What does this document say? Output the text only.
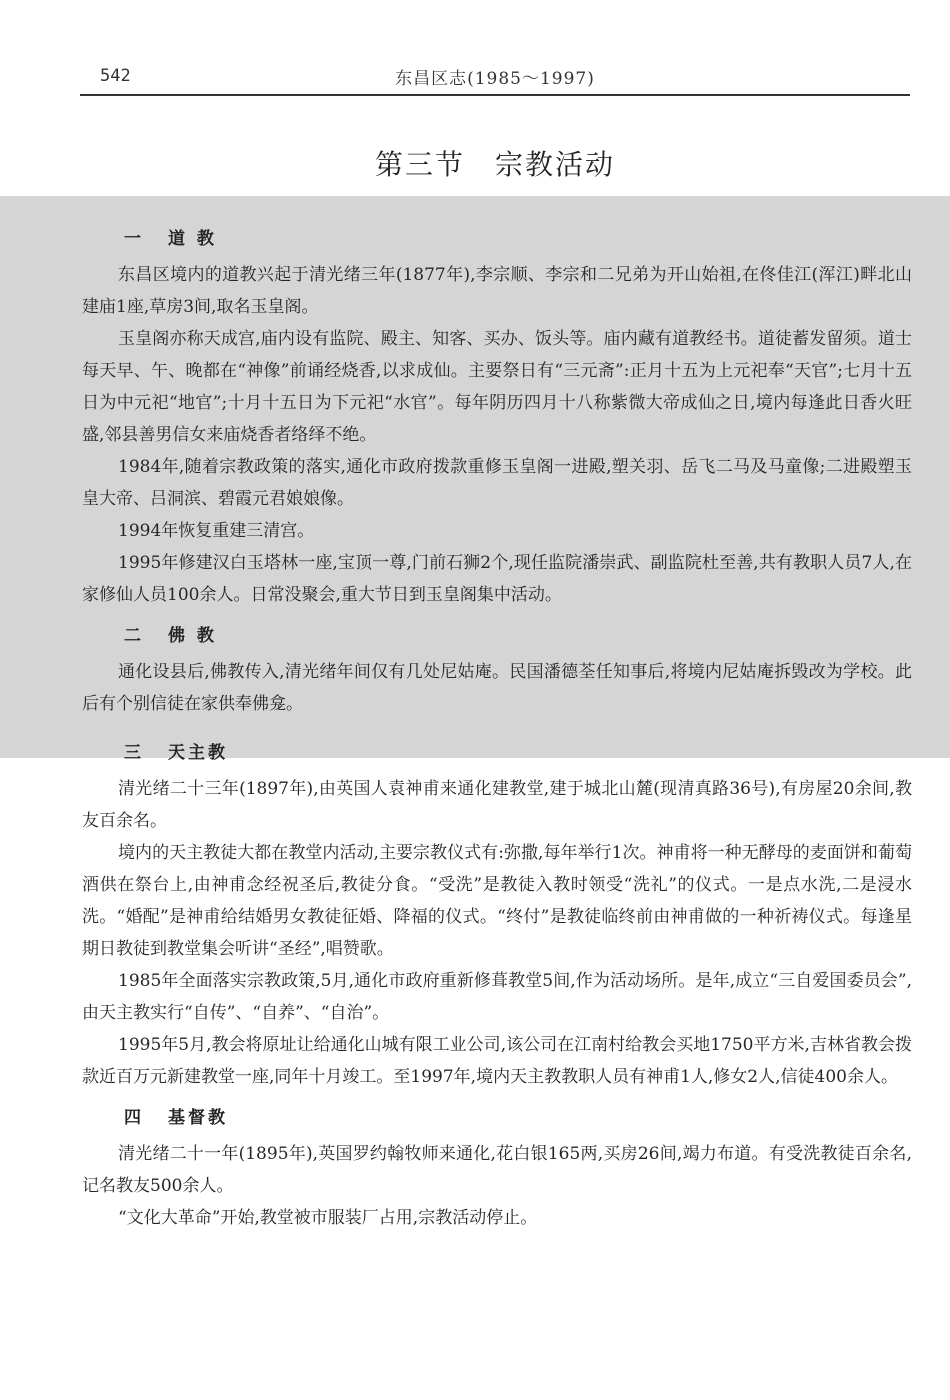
542	东昌区志(1985～1997)
第三节　宗教活动
一 道 教

东昌区境内的道教兴起于清光绪三年(1877年),李宗顺、李宗和二兄弟为开山始祖,在佟佳江(浑江)畔北山建庙1座,草房3间,取名玉皇阁。

玉皇阁亦称天成宫,庙内设有监院、殿主、知客、买办、饭头等。庙内藏有道教经书。道徒蓄发留须。道士每天早、午、晚都在“神像”前诵经烧香,以求成仙。主要祭日有“三元斋”:正月十五为上元祀奉“天官”;七月十五日为中元祀“地官”;十月十五日为下元祀“水官”。每年阴历四月十八称紫微大帝成仙之日,境内每逢此日香火旺盛,邻县善男信女来庙烧香者络绎不绝。

1984年,随着宗教政策的落实,通化市政府拨款重修玉皇阁一进殿,塑关羽、岳飞二马及马童像;二进殿塑玉皇大帝、吕洞滨、碧霞元君娘娘像。

1994年恢复重建三清宫。

1995年修建汉白玉塔林一座,宝顶一尊,门前石狮2个,现任监院潘崇武、副监院杜至善,共有教职人员7人,在家修仙人员100余人。日常没聚会,重大节日到玉皇阁集中活动。

二 佛 教

通化设县后,佛教传入,清光绪年间仅有几处尼姑庵。民国潘德荃任知事后,将境内尼姑庵拆毁改为学校。此后有个别信徒在家供奉佛龛。

三 天主教

清光绪二十三年(1897年),由英国人袁神甫来通化建教堂,建于城北山麓(现清真路36号),有房屋20余间,教友百余名。

境内的天主教徒大都在教堂内活动,主要宗教仪式有:弥撒,每年举行1次。神甫将一种无酵母的麦面饼和葡萄酒供在祭台上,由神甫念经祝圣后,教徒分食。“受洗”是教徒入教时领受“洗礼”的仪式。一是点水洗,二是浸水洗。“婚配”是神甫给结婚男女教徒征婚、降福的仪式。“终付”是教徒临终前由神甫做的一种祈祷仪式。每逢星期日教徒到教堂集会听讲“圣经”,唱赞歌。

1985年全面落实宗教政策,5月,通化市政府重新修葺教堂5间,作为活动场所。是年,成立“三自爱国委员会”,由天主教实行“自传”、“自养”、“自治”。

1995年5月,教会将原址让给通化山城有限工业公司,该公司在江南村给教会买地1750平方米,吉林省教会拨款近百万元新建教堂一座,同年十月竣工。至1997年,境内天主教教职人员有神甫1人,修女2人,信徒400余人。

四 基督教

清光绪二十一年(1895年),英国罗约翰牧师来通化,花白银165两,买房26间,竭力布道。有受洗教徒百余名,记名教友500余人。

“文化大革命”开始,教堂被市服装厂占用,宗教活动停止。
